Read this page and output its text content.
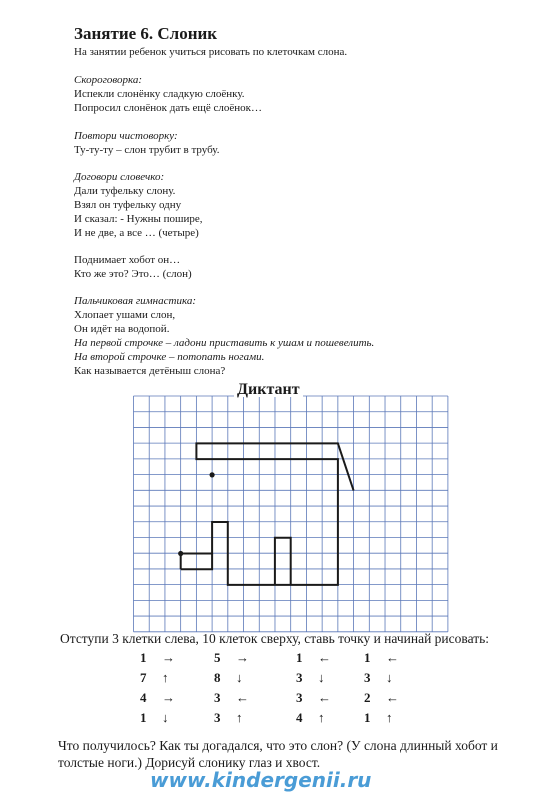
Занятие 6. Слоник
На занятии ребенок учиться рисовать по клеточкам слона.
Скороговорка:
Испекли слонёнку сладкую слоёнку.
Попросил слонёнок дать ещё слоёнок…
Повтори чистоворку:
Ту-ту-ту – слон трубит в трубу.
Договори словечко:
Дали туфельку слону.
Взял он туфельку одну
И сказал: - Нужны пошире,
И не две, а все … (четыре)
Поднимает хобот он…
Кто же это? Это… (слон)
Пальчиковая гимнастика:
Хлопает ушами слон,
Он идёт на водопой.
На первой строчке – ладони приставить к ушам и пошевелить.
На второй строчке – потопать ногами.
Как называется детёныш слона?
Диктант
Отступи 3 клетки слева, 10 клеток сверху, ставь точку и начинай рисовать:
1 →
7 ↑
4 →
1 ↓
5 →
8 ↓
3 ←
3 ↑
1 ←
3 ↓
3 ←
4 ↑
1 ←
3 ↓
2 ←
1 ↑
Что получилось? Как ты догадался, что это слон? (У слона длинный хобот и
толстые ноги.) Дорисуй слонику глаз и хвост.
www.kindergenii.ru
